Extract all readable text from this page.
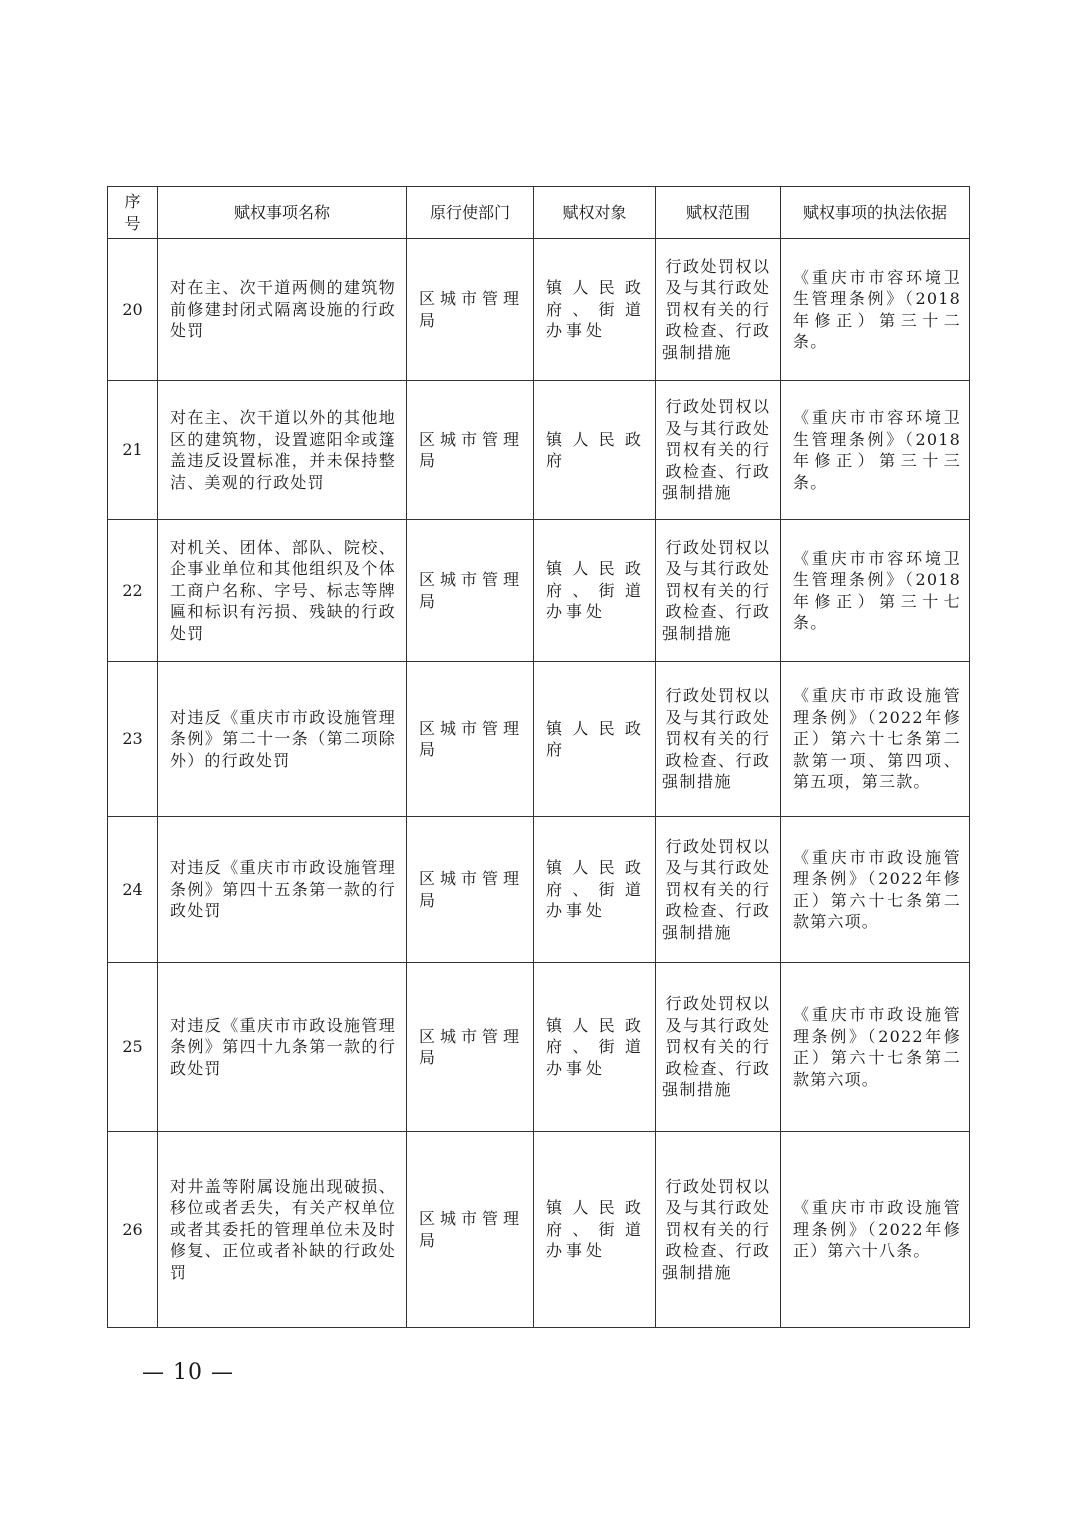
序号	赋权事项名称	原行使部门	赋权对象	赋权范围	赋权事项的执法依据
20	对在主、次干道两侧的建筑物前修建封闭式隔离设施的行政处罚	区城市管理局	镇人民政府、街道办事处	行政处罚权以及与其行政处罚权有关的行政检查、行政强制措施	《重庆市市容环境卫生管理条例》（2018年修正）第三十二条。

21	对在主、次干道以外的其他地区的建筑物，设置遮阳伞或篷盖违反设置标准，并未保持整洁、美观的行政处罚	区城市管理局	镇人民政府	行政处罚权以及与其行政处罚权有关的行政检查、行政强制措施	《重庆市市容环境卫生管理条例》（2018年修正）第三十三条。

22	对机关、团体、部队、院校、企事业单位和其他组织及个体工商户名称、字号、标志等牌匾和标识有污损、残缺的行政处罚	区城市管理局	镇人民政府、街道办事处	行政处罚权以及与其行政处罚权有关的行政检查、行政强制措施	《重庆市市容环境卫生管理条例》（2018年修正）第三十七条。

23	对违反《重庆市市政设施管理条例》第二十一条（第二项除外）的行政处罚	区城市管理局	镇人民政府	行政处罚权以及与其行政处罚权有关的行政检查、行政强制措施	《重庆市市政设施管理条例》（2022年修正）第六十七条第二款第一项、第四项、第五项，第三款。

24	对违反《重庆市市政设施管理条例》第四十五条第一款的行政处罚	区城市管理局	镇人民政府、街道办事处	行政处罚权以及与其行政处罚权有关的行政检查、行政强制措施	《重庆市市政设施管理条例》（2022年修正）第六十七条第二款第六项。

25	对违反《重庆市市政设施管理条例》第四十九条第一款的行政处罚	区城市管理局	镇人民政府、街道办事处	行政处罚权以及与其行政处罚权有关的行政检查、行政强制措施	《重庆市市政设施管理条例》（2022年修正）第六十七条第二款第六项。

26	对井盖等附属设施出现破损、移位或者丢失，有关产权单位或者其委托的管理单位未及时修复、正位或者补缺的行政处罚	区城市管理局	镇人民政府、街道办事处	行政处罚权以及与其行政处罚权有关的行政检查、行政强制措施	《重庆市市政设施管理条例》（2022年修正）第六十八条。
— 10 —
